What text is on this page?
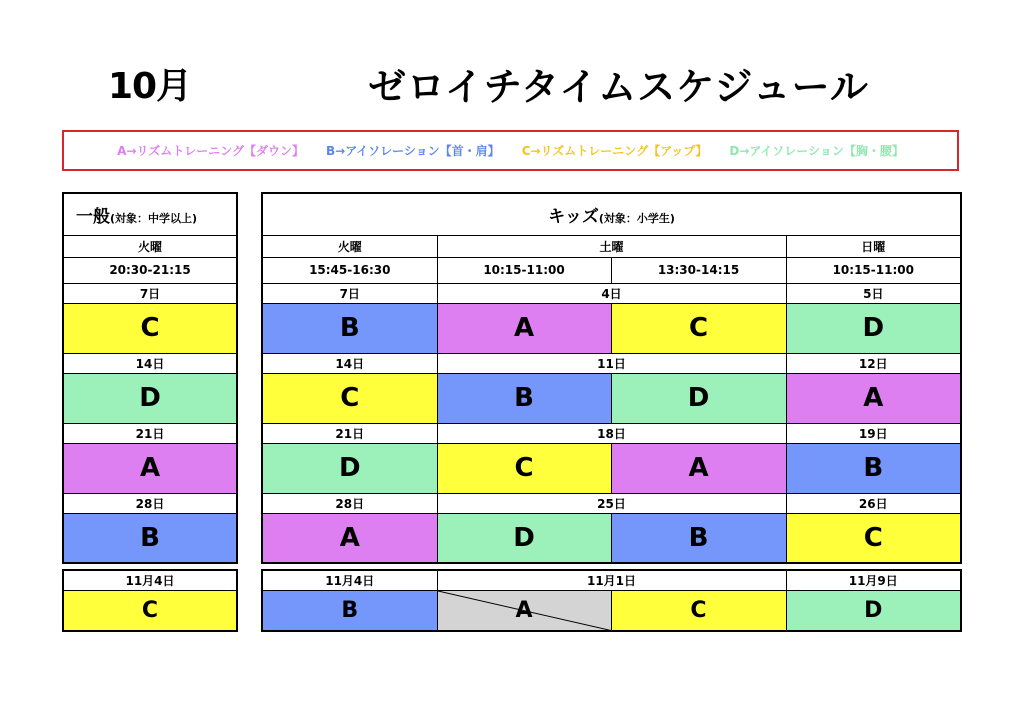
10月	ゼロイチタイムスケジュール
A→リズムトレーニング【ダウン】 B→アイソレーション【首・肩】 C→リズムトレーニング【アップ】 D→アイソレーション【胸・腰】
一般(対象：中学以上)
火曜
20:30-21:15
7日
C
14日
D
21日
A
28日
B
11月4日
C
キッズ(対象：小学生)			
火曜	土曜		日曜
15:45-16:30	10:15-11:00	13:30-14:15	10:15-11:00
7日	4日		5日
B	A	C	D
14日	11日		12日
C	B	D	A
21日	18日		19日
D	C	A	B
28日	25日		26日
A	D	B	C
11月4日	11月1日		11月9日
B	A	C	D
